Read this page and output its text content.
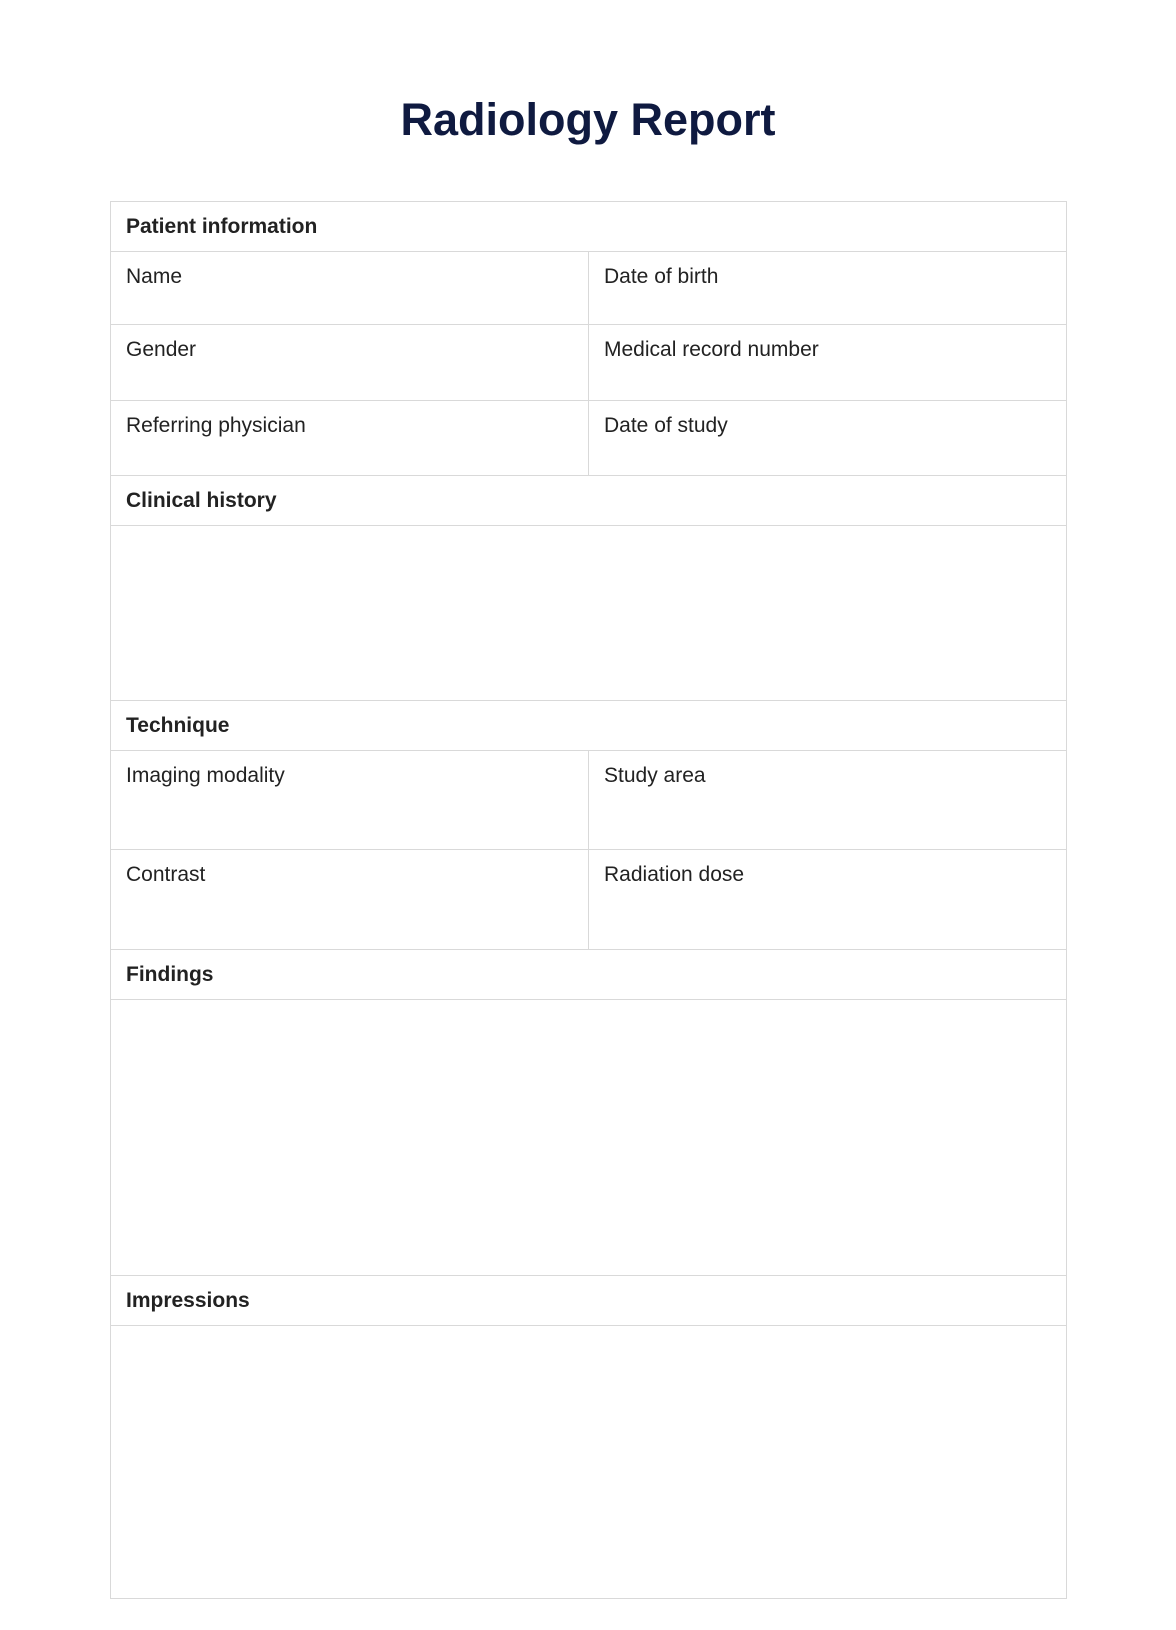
Radiology Report
Patient information	
Name	Date of birth
Gender	Medical record number
Referring physician	Date of study
Clinical history	

Technique	
Imaging modality	Study area
Contrast	Radiation dose
Findings	

Impressions	
